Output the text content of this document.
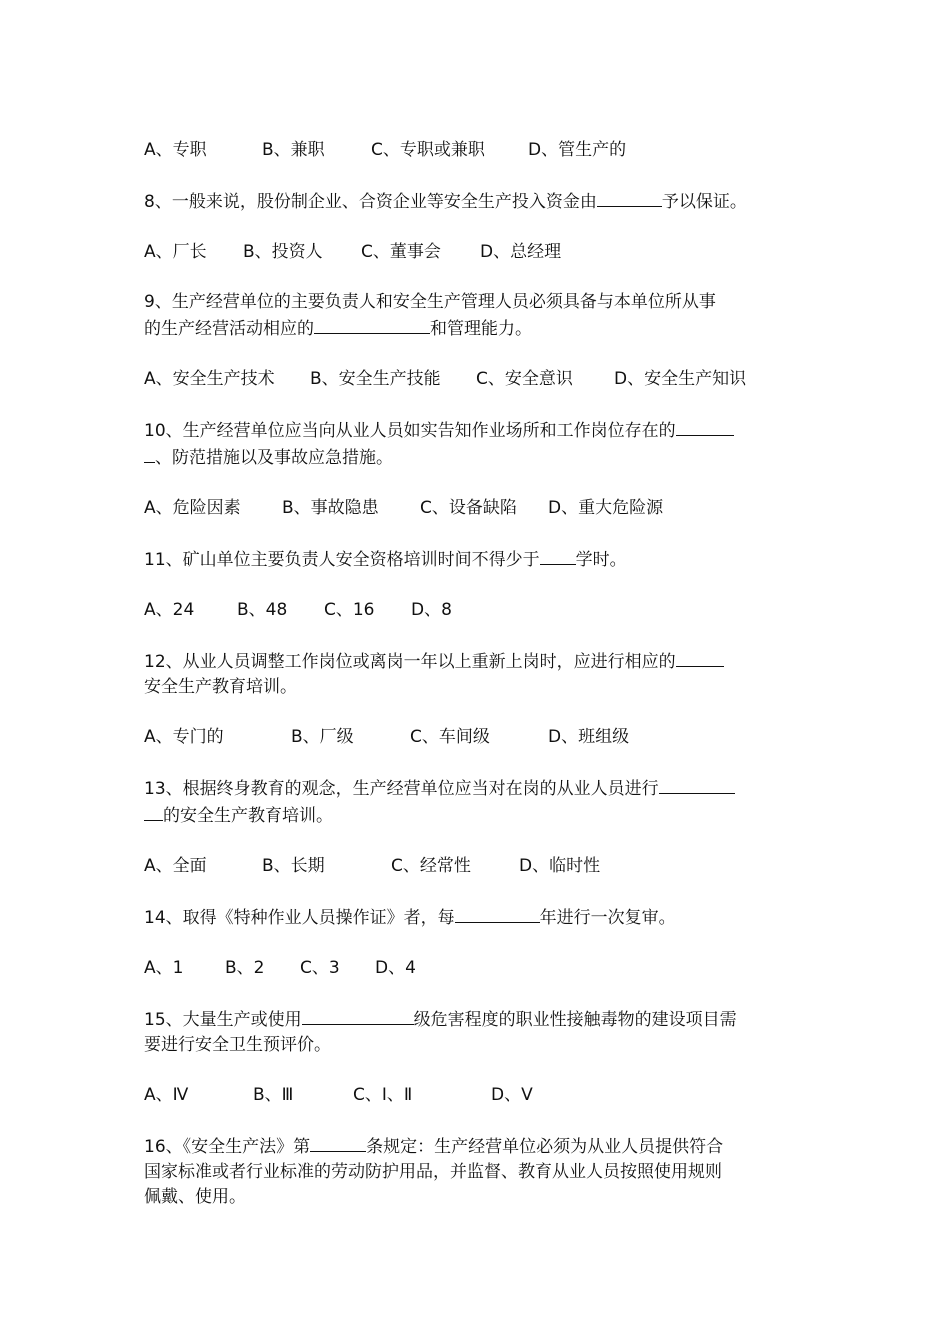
A、专职	B、兼职	C、专职或兼职	D、管生产的
8、一般来说，股份制企业、合资企业等安全生产投入资金由	予以保证。
A、厂长 B、投资人 C、董事会 D、总经理
9、生产经营单位的主要负责人和安全生产管理人员必须具备与本单位所从事
的生产经营活动相应的	和管理能力。
A、安全生产技术 B、安全生产技能 C、安全意识 D、安全生产知识
10、生产经营单位应当向从业人员如实告知作业场所和工作岗位存在的
、防范措施以及事故应急措施。
A、危险因素 B、事故隐患 C、设备缺陷 D、重大危险源
11、矿山单位主要负责人安全资格培训时间不得少于 学时。
A、24	B、48 C、16 D、8
12、从业人员调整工作岗位或离岗一年以上重新上岗时，应进行相应的
安全生产教育培训。
A、专门的	B、厂级	C、车间级	D、班组级
13、根据终身教育的观念，生产经营单位应当对在岗的从业人员进行
的安全生产教育培训。
A、全面	B、长期	C、经常性	D、临时性
14、取得《特种作业人员操作证》者，每	年进行一次复审。
A、1 B、2 C、3 D、4
15、大量生产或使用	级危害程度的职业性接触毒物的建设项目需
要进行安全卫生预评价。
A、Ⅳ	B、Ⅲ	C、Ⅰ、Ⅱ	D、Ⅴ
16、《安全生产法》第	条规定：生产经营单位必须为从业人员提供符合
国家标准或者行业标准的劳动防护用品，并监督、教育从业人员按照使用规则
佩戴、使用。
